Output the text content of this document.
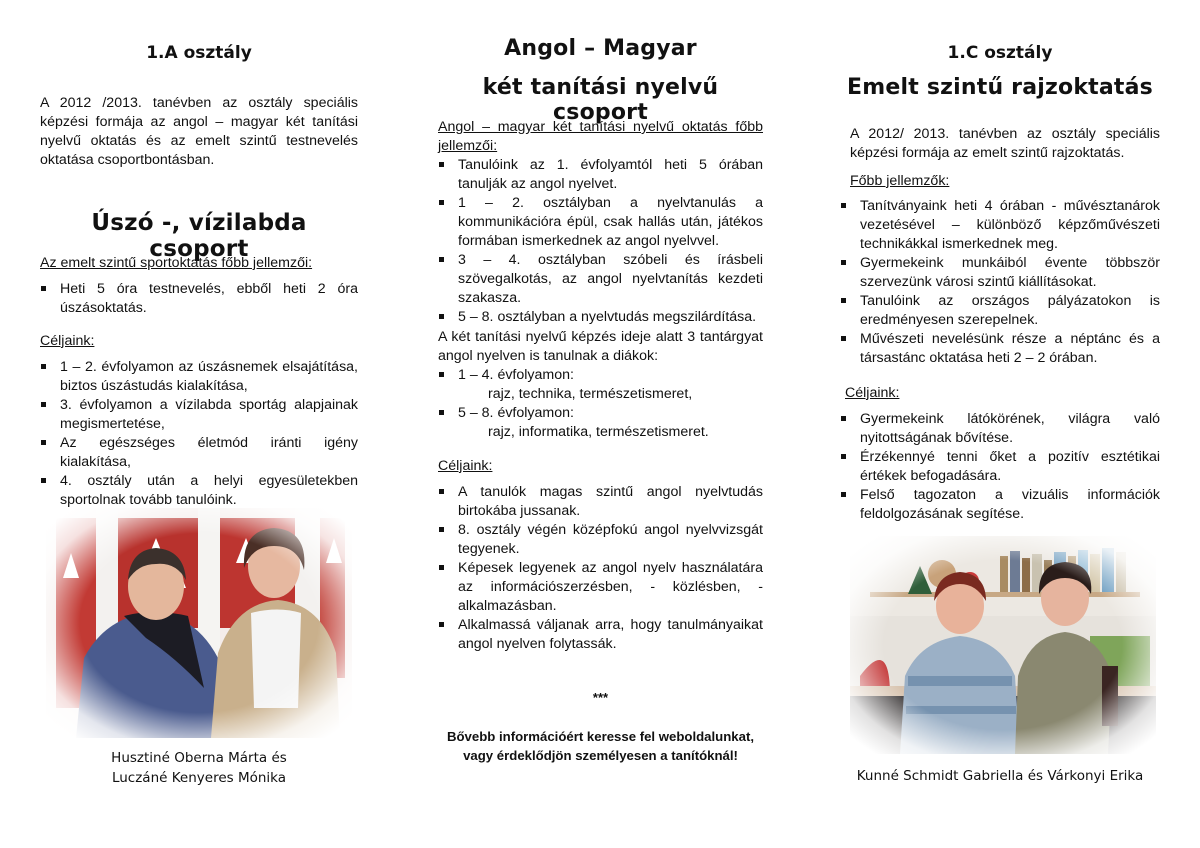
1.A osztály
A 2012 /2013. tanévben az osztály speciális képzési formája az angol – magyar két tanítási nyelvű oktatás és az emelt szintű testnevelés oktatása csoportbontásban.
Úszó -, vízilabda csoport
Az emelt szintű sportoktatás főbb jellemzői:
Heti 5 óra testnevelés, ebből heti 2 óra úszásoktatás.
Céljaink:
1 – 2. évfolyamon az úszásnemek elsajátítása, biztos úszástudás kialakítása,
3. évfolyamon a vízilabda sportág alapjainak megismertetése,
Az egészséges életmód iránti igény kialakítása,
4. osztály után a helyi egyesületekben sportolnak tovább tanulóink.
Husztiné Oberna Márta és
Luczáné Kenyeres Mónika
Angol – Magyar
két tanítási nyelvű csoport
Angol – magyar két tanítási nyelvű oktatás főbb jellemzői:
Tanulóink az 1. évfolyamtól heti 5 órában tanulják az angol nyelvet.
1 – 2. osztályban a nyelvtanulás a kommunikációra épül, csak hallás után, játékos formában ismerkednek az angol nyelvvel.
3 – 4. osztályban szóbeli és írásbeli szövegalkotás, az angol nyelvtanítás kezdeti szakasza.
5 – 8. osztályban a nyelvtudás megszilárdítása.
A két tanítási nyelvű képzés ideje alatt 3 tantárgyat angol nyelven is tanulnak a diákok:
1 – 4. évfolyamon:
rajz, technika, természetismeret,
5 – 8. évfolyamon:
rajz, informatika, természetismeret.
Céljaink:
A tanulók magas szintű angol nyelvtudás birtokába jussanak.
8. osztály végén középfokú angol nyelvvizsgát tegyenek.
Képesek legyenek az angol nyelv használatára az információszerzésben, - közlésben, - alkalmazásban.
Alkalmassá váljanak arra, hogy tanulmányaikat angol nyelven folytassák.
***
Bővebb információért keresse fel weboldalunkat,
vagy érdeklődjön személyesen a tanítóknál!
1.C osztály
Emelt szintű rajzoktatás
A 2012/ 2013. tanévben az osztály speciális képzési formája az emelt szintű rajzoktatás.
Főbb jellemzők:
Tanítványaink heti 4 órában - művésztanárok vezetésével – különböző képzőművészeti technikákkal ismerkednek meg.
Gyermekeink munkáiból évente többször szervezünk városi szintű kiállításokat.
Tanulóink az országos pályázatokon is eredményesen szerepelnek.
Művészeti nevelésünk része a néptánc és a társastánc oktatása heti 2 – 2 órában.
Céljaink:
Gyermekeink látókörének, világra való nyitottságának bővítése.
Érzékennyé tenni őket a pozitív esztétikai értékek befogadására.
Felső tagozaton a vizuális információk feldolgozásának segítése.
Kunné Schmidt Gabriella és Várkonyi Erika
